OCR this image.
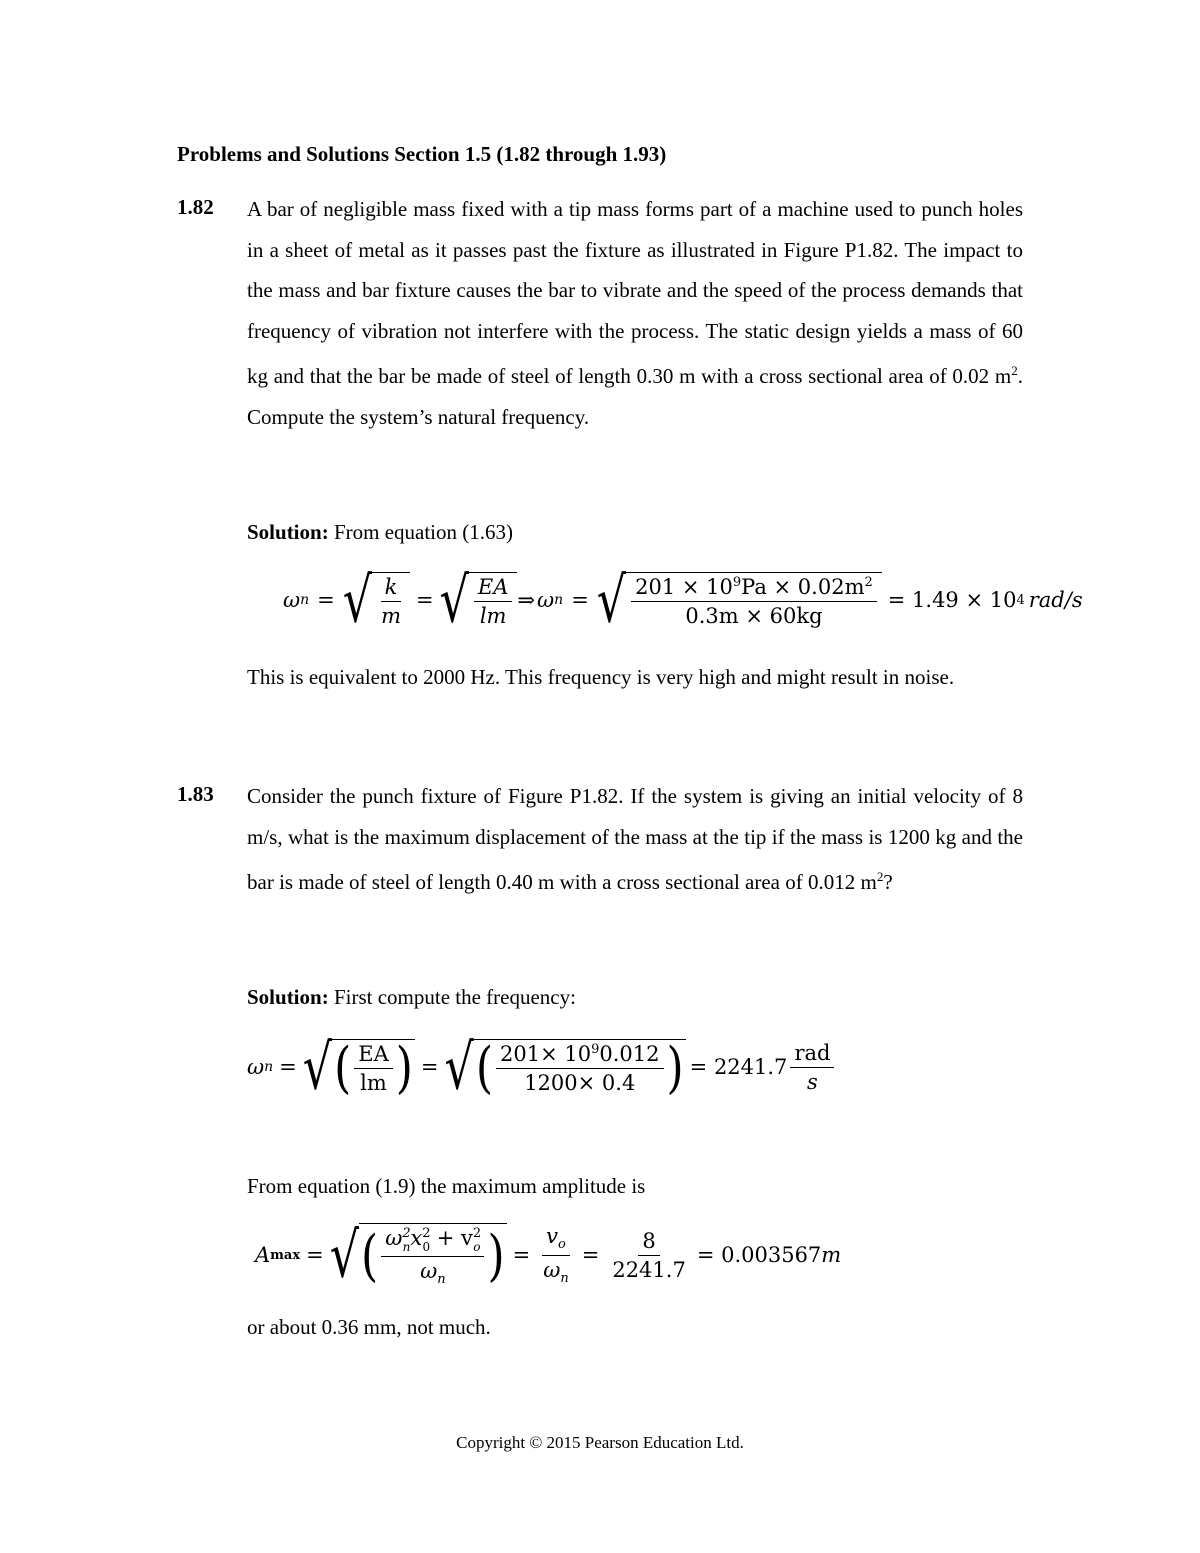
Problems and Solutions Section 1.5 (1.82 through 1.93)
1.82 A bar of negligible mass fixed with a tip mass forms part of a machine used to punch holes in a sheet of metal as it passes past the fixture as illustrated in Figure P1.82. The impact to the mass and bar fixture causes the bar to vibrate and the speed of the process demands that frequency of vibration not interfere with the process. The static design yields a mass of 60 kg and that the bar be made of steel of length 0.30 m with a cross sectional area of 0.02 $m^2$. Compute the system’s natural frequency.
Solution: From equation (1.63)
ω n = √ $\frac{k}{m}$ = √ $\frac{EA}{lm}$ ⇒ ω n = √ $\frac{201 \times 10^9Pa \times 0.02m^2}{0.3m \times 60kg} = 1.49 \times 10$ 4 rad/s
This is equivalent to 2000 Hz. This frequency is very high and might result in noise.
1.83 Consider the punch fixture of Figure P1.82. If the system is giving an initial velocity of 8 m/s, what is the maximum displacement of the mass at the tip if the mass is 1200 kg and the bar is made of steel of length 0.40 m with a cross sectional area of 0.012 $m^2$?
Solution: First compute the frequency:
ω n = √ ( $\frac{EA}{lm}$ ) = √ ( $\frac{201\times 10^90.012}{1200\times 0.4}$ ) = $2241.7 \frac{\text{rad}}{s}$
From equation (1.9) the maximum amplitude is
A max = √ ( $\frac{\omega^2_nx^2_0 + v^2_o}{\omega_n}$ ) = $\frac{v_o}{\omega_n} = \frac{8}{2241.7} = 0.003567$ m
or about 0.36 mm, not much.
Copyright © 2015 Pearson Education Ltd.
